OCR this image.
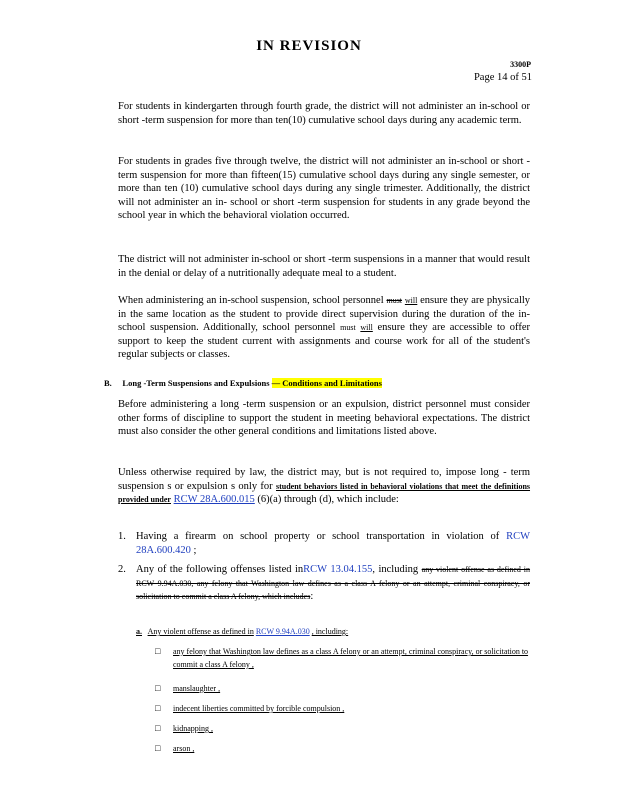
IN REVISION
3300P
Page 14 of 51
For students in kindergarten through fourth grade, the district will not administer an in-school or short -term suspension for more than ten(10) cumulative school days during any academic term.
For students in grades five through twelve, the district will not administer an in-school or short -term suspension for more than fifteen(15) cumulative school days during any single semester, or more than ten (10) cumulative school days during any single trimester. Additionally, the district will not administer an in- school or short -term suspension for students in any grade beyond the school year in which the behavioral violation occurred.
The district will not administer in-school or short -term suspensions in a manner that would result in the denial or delay of a nutritionally adequate meal to a student.
When administering an in-school suspension, school personnel must will ensure they are physically in the same location as the student to provide direct supervision during the duration of the in-school suspension. Additionally, school personnel must will ensure they are accessible to offer support to keep the student current with assignments and course work for all of the student's regular subjects or classes.
B. Long -Term Suspensions and Expulsions — Conditions and Limitations
Before administering a long -term suspension or an expulsion, district personnel must consider other forms of discipline to support the student in meeting behavioral expectations. The district must also consider the other general conditions and limitations listed above.
Unless otherwise required by law, the district may, but is not required to, impose long - term suspension s or expulsion s only for student behaviors listed in behavioral violations that meet the definitions provided under RCW 28A.600.015 (6)(a) through (d), which include:
1. Having a firearm on school property or school transportation in violation of RCW 28A.600.420 ;
2. Any of the following offenses listed inRCW 13.04.155, including any violent offense as defined in RCW 9.94A.030, any felony that Washington law defines as a class A felony or an attempt, criminal conspiracy, or solicitation to commit a class A felony, which includes:
a. Any violent offense as defined in RCW 9.94A.030 , including:
□ any felony that Washington law defines as a class A felony or an attempt, criminal conspiracy, or solicitation to commit a class A felony ,
□ manslaughter ,
□ indecent liberties committed by forcible compulsion ,
□ kidnapping ,
□ arson ,
